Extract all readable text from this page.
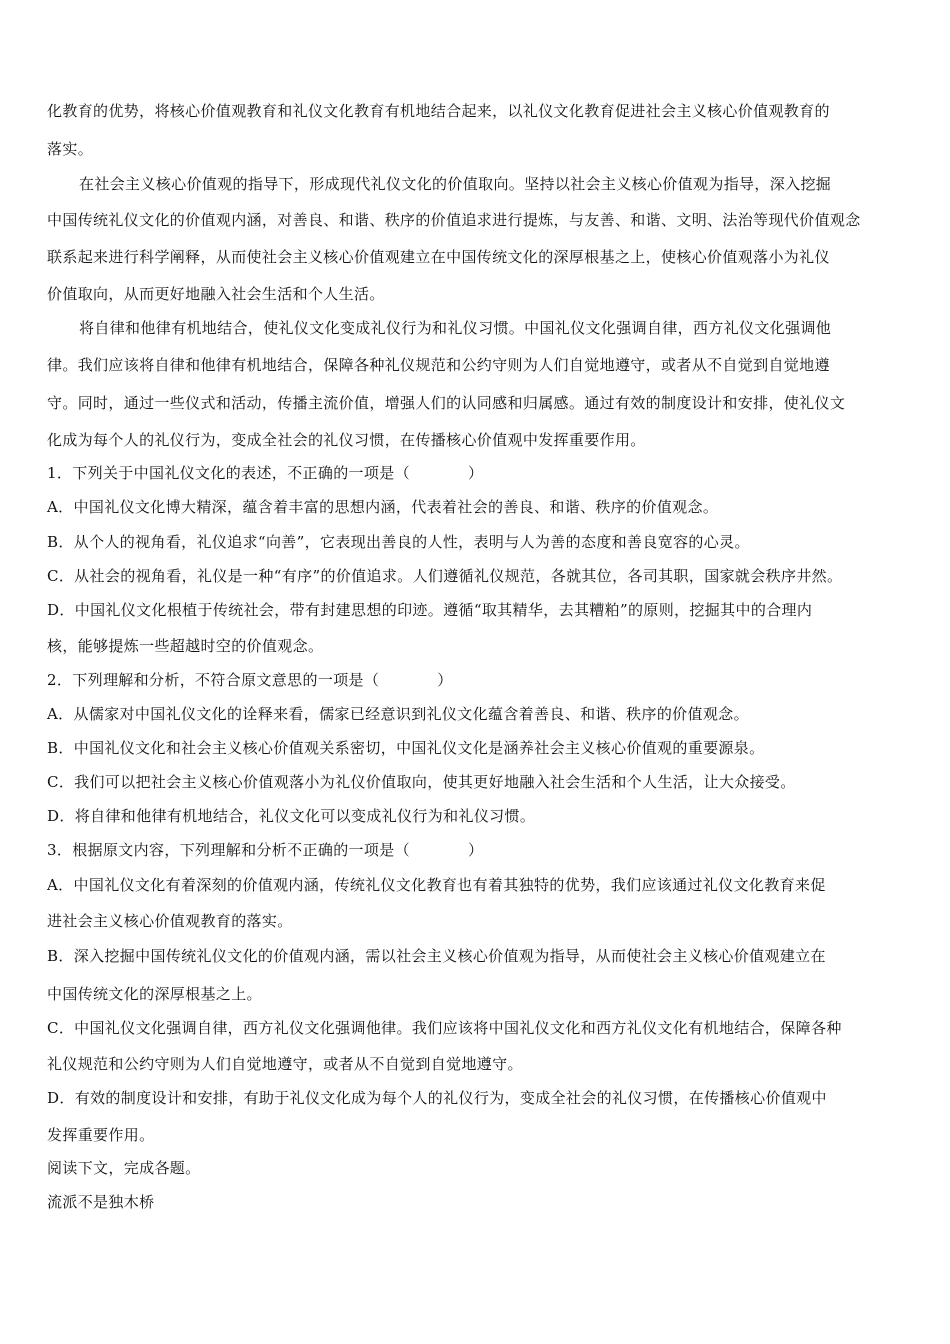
化教育的优势，将核心价值观教育和礼仪文化教育有机地结合起来，以礼仪文化教育促进社会主义核心价值观教育的
落实。
在社会主义核心价值观的指导下，形成现代礼仪文化的价值取向。坚持以社会主义核心价值观为指导，深入挖掘
中国传统礼仪文化的价值观内涵，对善良、和谐、秩序的价值追求进行提炼，与友善、和谐、文明、法治等现代价值观念
联系起来进行科学阐释，从而使社会主义核心价值观建立在中国传统文化的深厚根基之上，使核心价值观落小为礼仪
价值取向，从而更好地融入社会生活和个人生活。
将自律和他律有机地结合，使礼仪文化变成礼仪行为和礼仪习惯。中国礼仪文化强调自律，西方礼仪文化强调他
律。我们应该将自律和他律有机地结合，保障各种礼仪规范和公约守则为人们自觉地遵守，或者从不自觉到自觉地遵
守。同时，通过一些仪式和活动，传播主流价值，增强人们的认同感和归属感。通过有效的制度设计和安排，使礼仪文
化成为每个人的礼仪行为，变成全社会的礼仪习惯，在传播核心价值观中发挥重要作用。
1．下列关于中国礼仪文化的表述，不正确的一项是（	）
A．中国礼仪文化博大精深，蕴含着丰富的思想内涵，代表着社会的善良、和谐、秩序的价值观念。
B．从个人的视角看，礼仪追求“向善”，它表现出善良的人性，表明与人为善的态度和善良宽容的心灵。
C．从社会的视角看，礼仪是一种“有序”的价值追求。人们遵循礼仪规范，各就其位，各司其职，国家就会秩序井然。
D．中国礼仪文化根植于传统社会，带有封建思想的印迹。遵循“取其精华，去其糟粕”的原则，挖掘其中的合理内
核，能够提炼一些超越时空的价值观念。
2．下列理解和分析，不符合原文意思的一项是（	）
A．从儒家对中国礼仪文化的诠释来看，儒家已经意识到礼仪文化蕴含着善良、和谐、秩序的价值观念。
B．中国礼仪文化和社会主义核心价值观关系密切，中国礼仪文化是涵养社会主义核心价值观的重要源泉。
C．我们可以把社会主义核心价值观落小为礼仪价值取向，使其更好地融入社会生活和个人生活，让大众接受。
D．将自律和他律有机地结合，礼仪文化可以变成礼仪行为和礼仪习惯。
3．根据原文内容，下列理解和分析不正确的一项是（	）
A．中国礼仪文化有着深刻的价值观内涵，传统礼仪文化教育也有着其独特的优势，我们应该通过礼仪文化教育来促
进社会主义核心价值观教育的落实。
B．深入挖掘中国传统礼仪文化的价值观内涵，需以社会主义核心价值观为指导，从而使社会主义核心价值观建立在
中国传统文化的深厚根基之上。
C．中国礼仪文化强调自律，西方礼仪文化强调他律。我们应该将中国礼仪文化和西方礼仪文化有机地结合，保障各种
礼仪规范和公约守则为人们自觉地遵守，或者从不自觉到自觉地遵守。
D．有效的制度设计和安排，有助于礼仪文化成为每个人的礼仪行为，变成全社会的礼仪习惯，在传播核心价值观中
发挥重要作用。
阅读下文，完成各题。
流派不是独木桥
